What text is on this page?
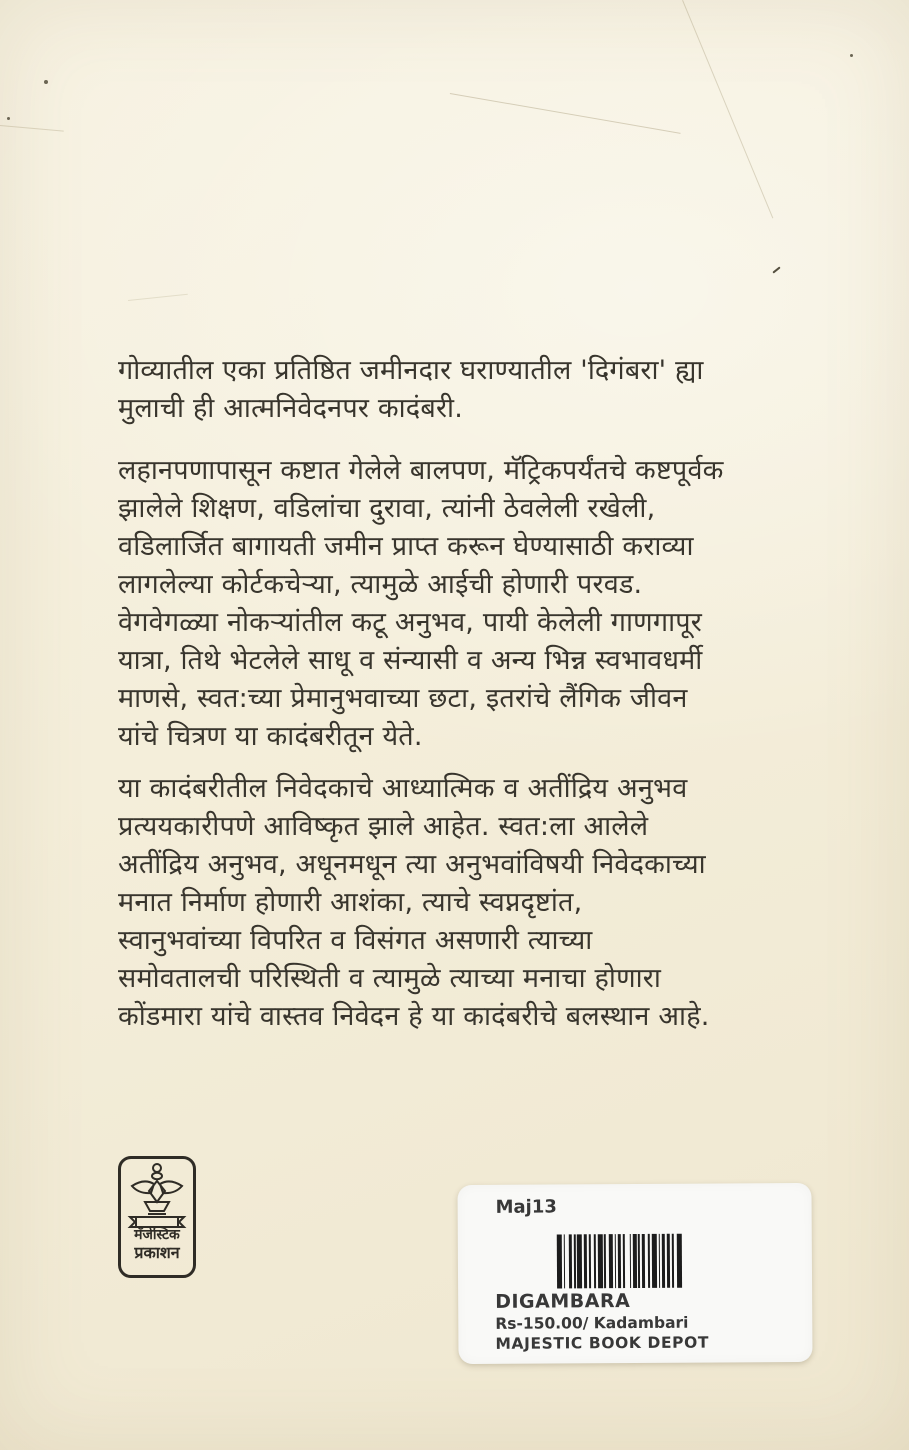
गोव्यातील एका प्रतिष्ठित जमीनदार घराण्यातील 'दिगंबरा' ह्या
मुलाची ही आत्मनिवेदनपर कादंबरी.
लहानपणापासून कष्टात गेलेले बालपण, मॅट्रिकपर्यंतचे कष्टपूर्वक
झालेले शिक्षण, वडिलांचा दुरावा, त्यांनी ठेवलेली रखेली,
वडिलार्जित बागायती जमीन प्राप्त करून घेण्यासाठी कराव्या
लागलेल्या कोर्टकचेऱ्या, त्यामुळे आईची होणारी परवड.
वेगवेगळ्या नोकऱ्यांतील कटू अनुभव, पायी केलेली गाणगापूर
यात्रा, तिथे भेटलेले साधू व संन्यासी व अन्य भिन्न स्वभावधर्मी
माणसे, स्वत:च्या प्रेमानुभवाच्या छटा, इतरांचे लैंगिक जीवन
यांचे चित्रण या कादंबरीतून येते.
या कादंबरीतील निवेदकाचे आध्यात्मिक व अतींद्रिय अनुभव
प्रत्ययकारीपणे आविष्कृत झाले आहेत. स्वत:ला आलेले
अतींद्रिय अनुभव, अधूनमधून त्या अनुभवांविषयी निवेदकाच्या
मनात निर्माण होणारी आशंका, त्याचे स्वप्नदृष्टांत,
स्वानुभवांच्या विपरित व विसंगत असणारी त्याच्या
समोवतालची परिस्थिती व त्यामुळे त्याच्या मनाचा होणारा
कोंडमारा यांचे वास्तव निवेदन हे या कादंबरीचे बलस्थान आहे.
मॅजेस्टिक
प्रकाशन
Maj13
DIGAMBARA
Rs-150.00/ Kadambari
MAJESTIC BOOK DEPOT
